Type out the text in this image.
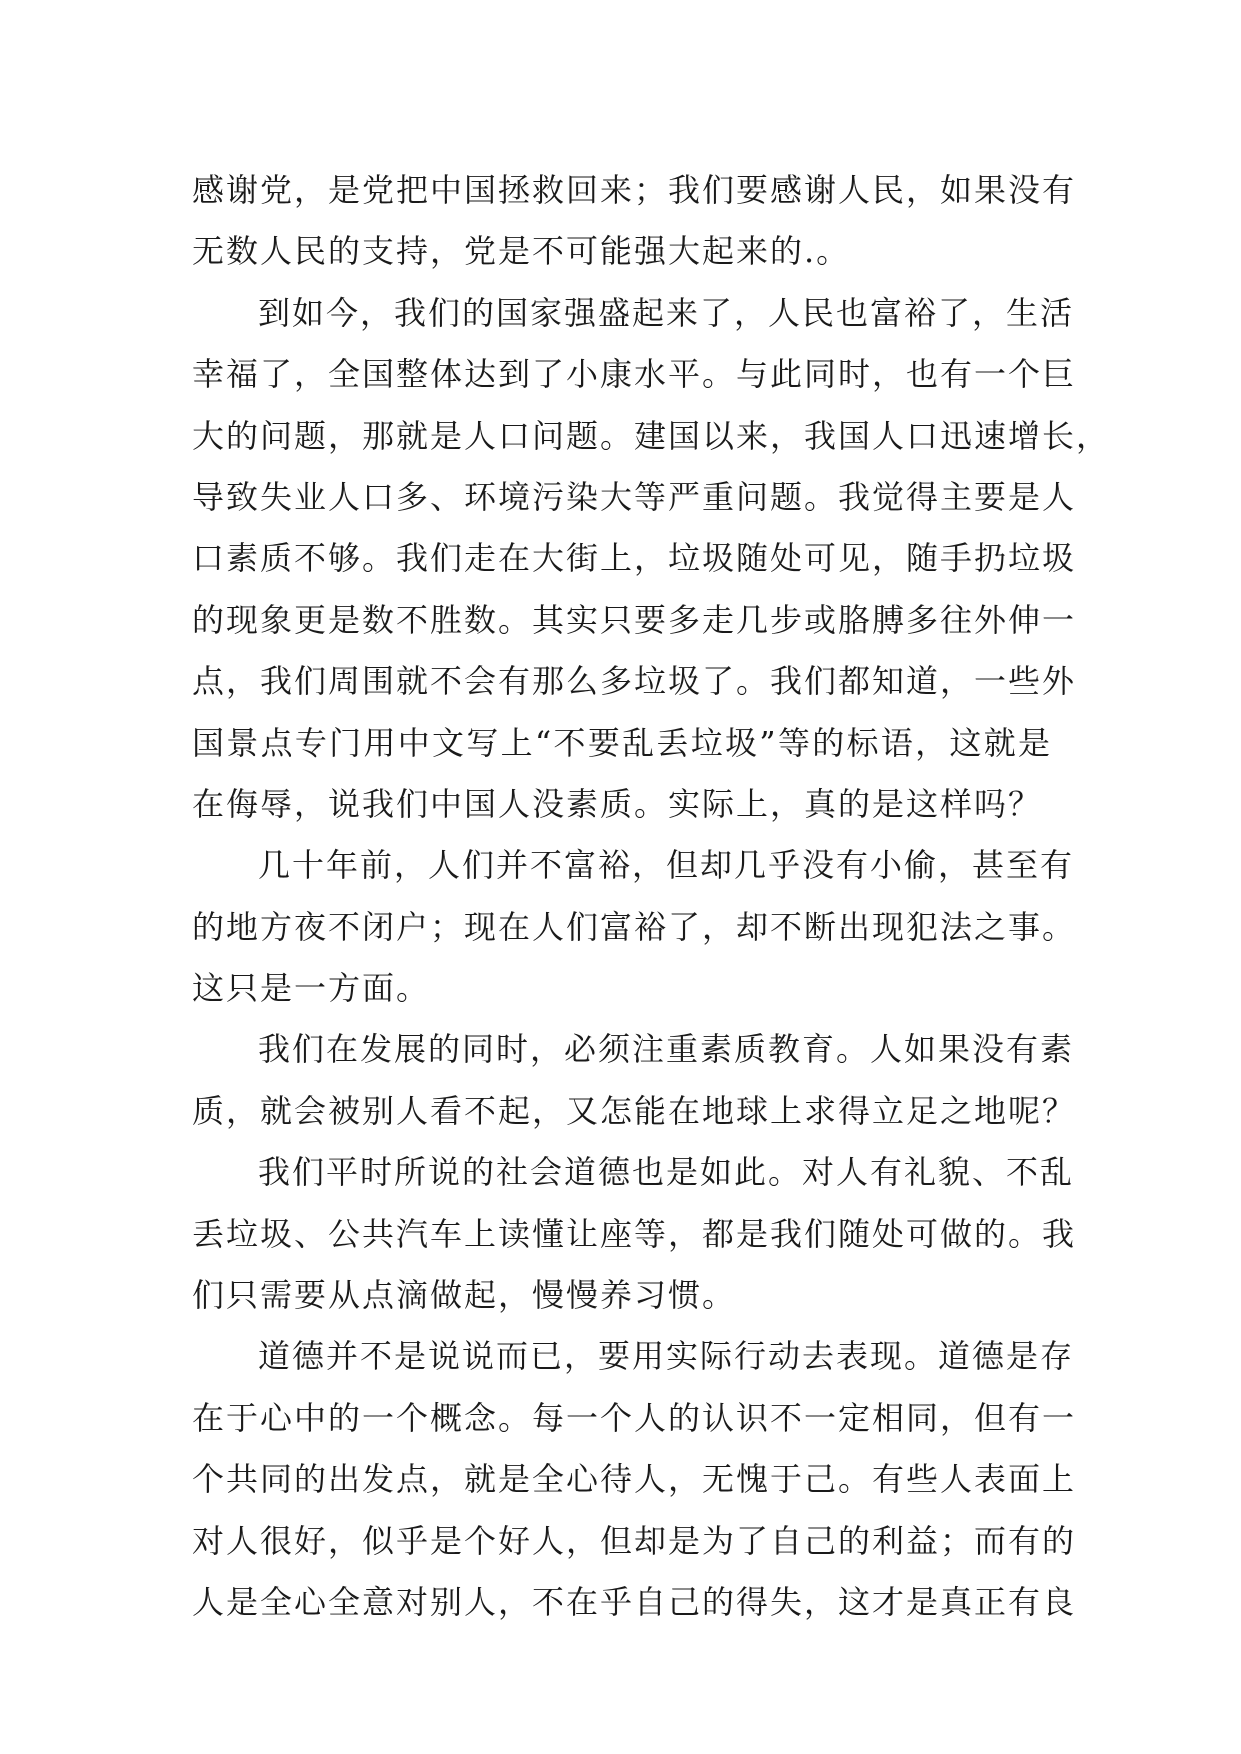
感谢党，是党把中国拯救回来；我们要感谢人民，如果没有
无数人民的支持，党是不可能强大起来的.。
到如今，我们的国家强盛起来了，人民也富裕了，生活
幸福了，全国整体达到了小康水平。与此同时，也有一个巨
大的问题，那就是人口问题。建国以来，我国人口迅速增长，
导致失业人口多、环境污染大等严重问题。我觉得主要是人
口素质不够。我们走在大街上，垃圾随处可见，随手扔垃圾
的现象更是数不胜数。其实只要多走几步或胳膊多往外伸一
点，我们周围就不会有那么多垃圾了。我们都知道，一些外
国景点专门用中文写上“不要乱丢垃圾”等的标语，这就是
在侮辱，说我们中国人没素质。实际上，真的是这样吗？
几十年前，人们并不富裕，但却几乎没有小偷，甚至有
的地方夜不闭户；现在人们富裕了，却不断出现犯法之事。
这只是一方面。
我们在发展的同时，必须注重素质教育。人如果没有素
质，就会被别人看不起，又怎能在地球上求得立足之地呢？
我们平时所说的社会道德也是如此。对人有礼貌、不乱
丢垃圾、公共汽车上读懂让座等，都是我们随处可做的。我
们只需要从点滴做起，慢慢养习惯。
道德并不是说说而已，要用实际行动去表现。道德是存
在于心中的一个概念。每一个人的认识不一定相同，但有一
个共同的出发点，就是全心待人，无愧于己。有些人表面上
对人很好，似乎是个好人，但却是为了自己的利益；而有的
人是全心全意对别人，不在乎自己的得失，这才是真正有良
